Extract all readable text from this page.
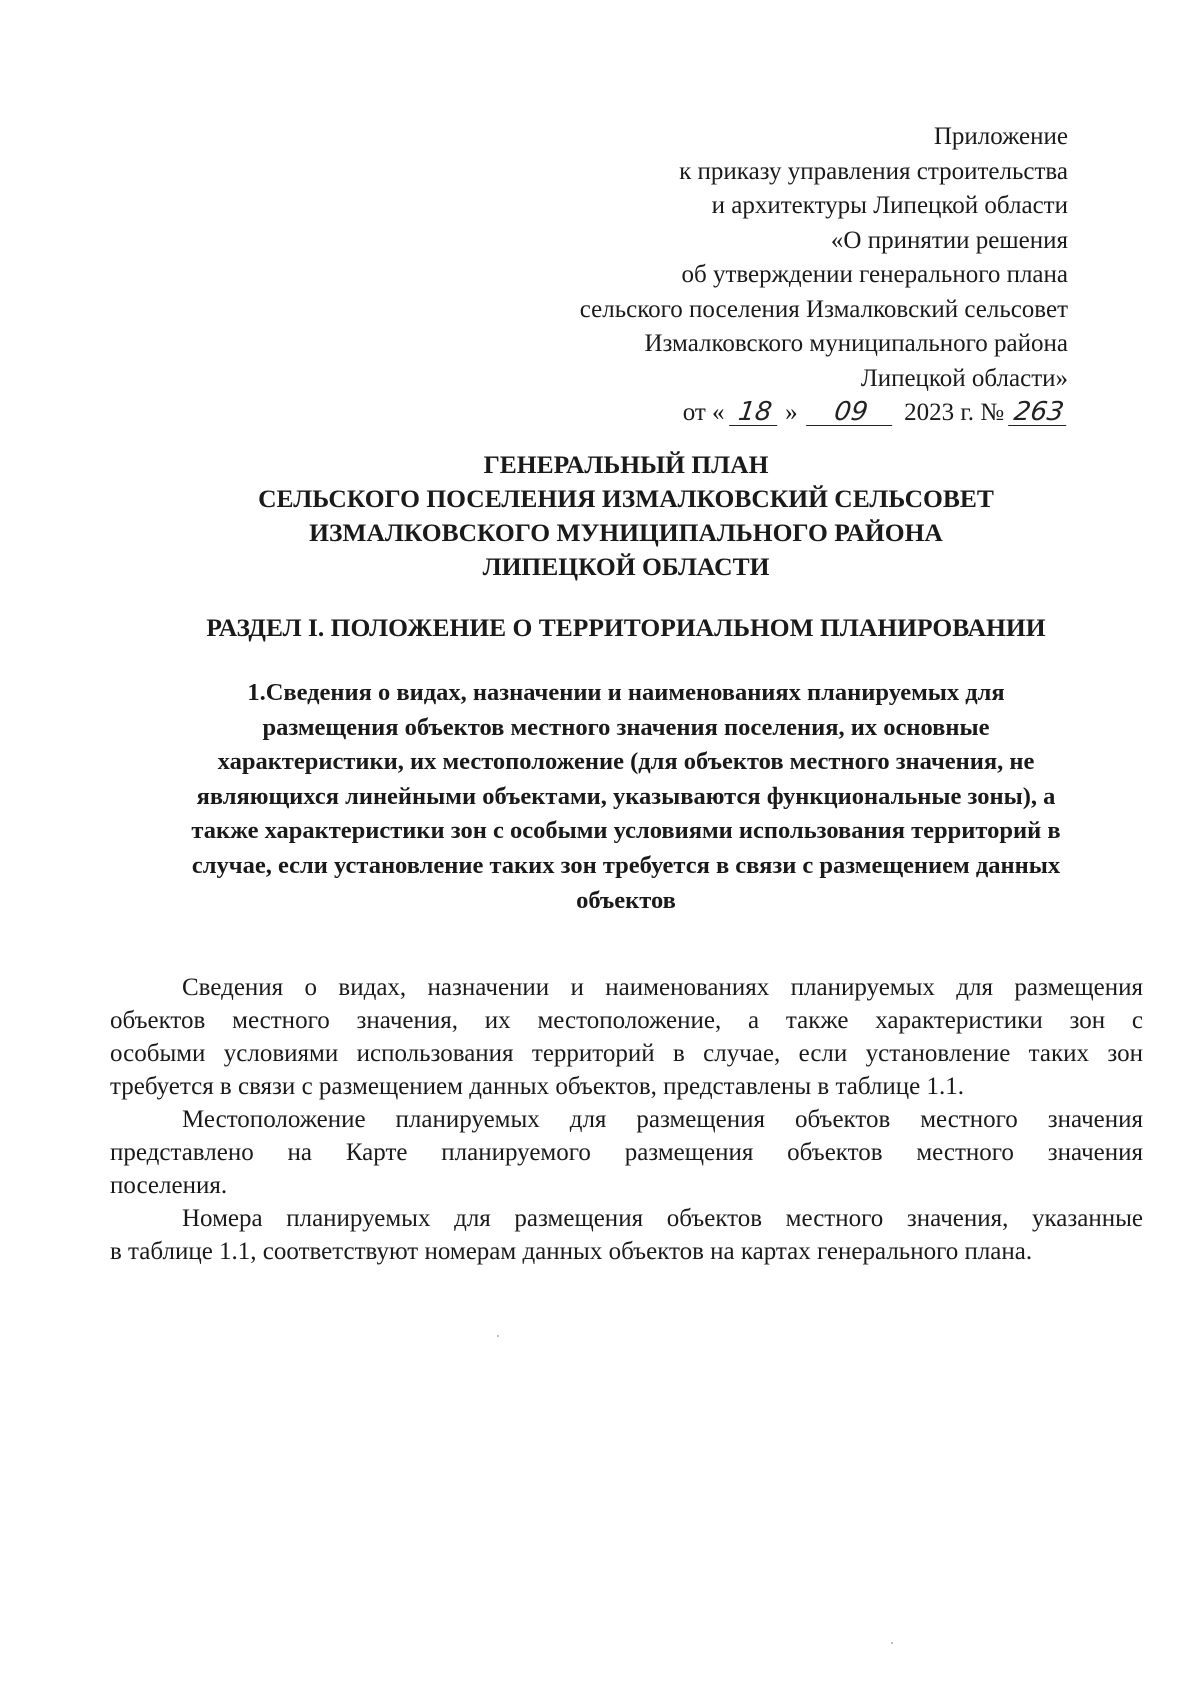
Приложение
к приказу управления строительства
и архитектуры Липецкой области
«О принятии решения
об утверждении генерального плана
сельского поселения Измалковский сельсовет
Измалковского муниципального района
Липецкой области»
от « 18 » 09 2023 г. № 263
ГЕНЕРАЛЬНЫЙ ПЛАН
СЕЛЬСКОГО ПОСЕЛЕНИЯ ИЗМАЛКОВСКИЙ СЕЛЬСОВЕТ
ИЗМАЛКОВСКОГО МУНИЦИПАЛЬНОГО РАЙОНА
ЛИПЕЦКОЙ ОБЛАСТИ
РАЗДЕЛ I. ПОЛОЖЕНИЕ О ТЕРРИТОРИАЛЬНОМ ПЛАНИРОВАНИИ
1.Сведения о видах, назначении и наименованиях планируемых для
размещения объектов местного значения поселения, их основные
характеристики, их местоположение (для объектов местного значения, не
являющихся линейными объектами, указываются функциональные зоны), а
также характеристики зон с особыми условиями использования территорий в
случае, если установление таких зон требуется в связи с размещением данных
объектов
Сведения о видах, назначении и наименованиях планируемых для размещения
объектов местного значения, их местоположение, а также характеристики зон с
особыми условиями использования территорий в случае, если установление таких зон
требуется в связи с размещением данных объектов, представлены в таблице 1.1.
Местоположение планируемых для размещения объектов местного значения
представлено на Карте планируемого размещения объектов местного значения
поселения.
Номера планируемых для размещения объектов местного значения, указанные
в таблице 1.1, соответствуют номерам данных объектов на картах генерального плана.
